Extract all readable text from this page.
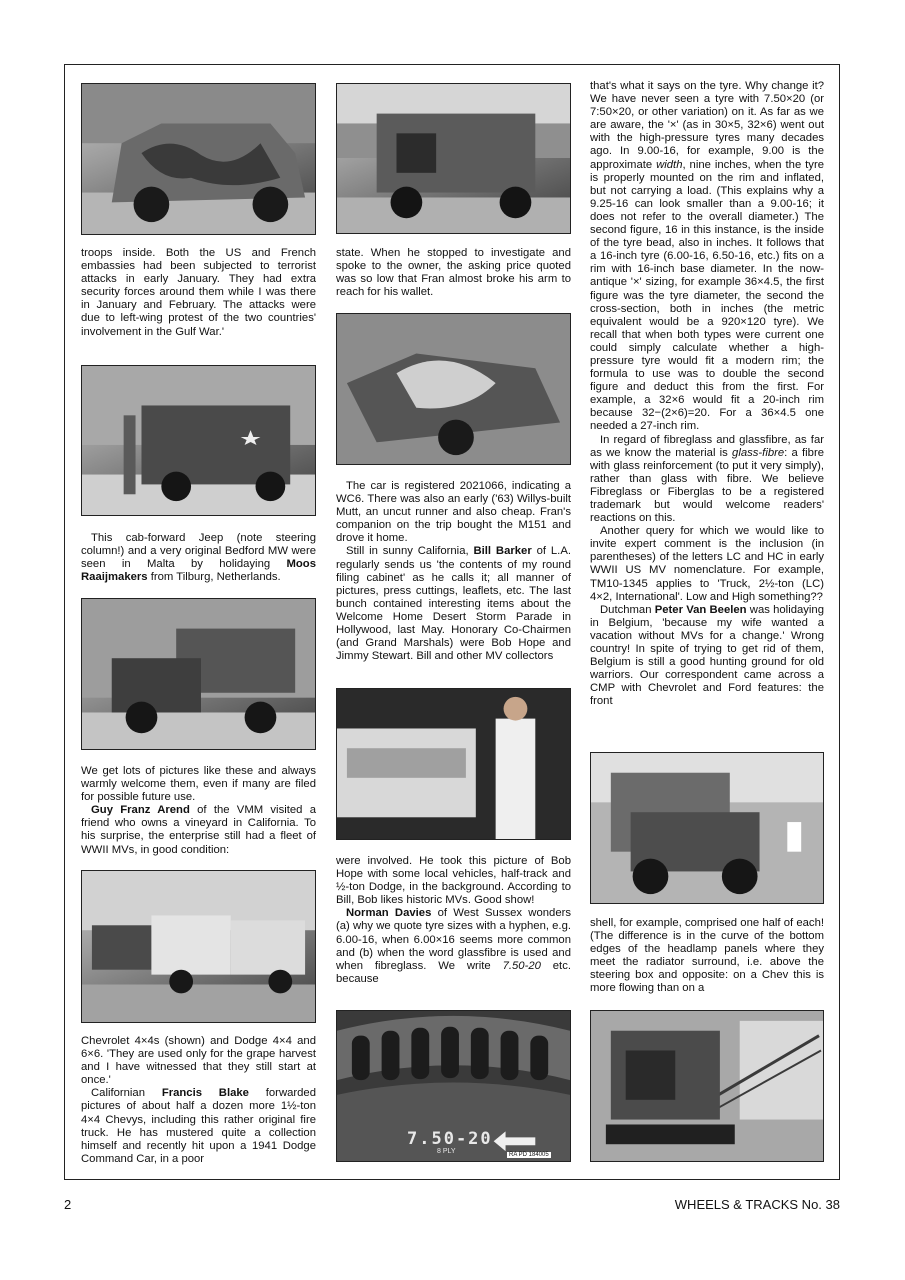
troops inside. Both the US and French embassies had been subjected to terrorist attacks in early January. They had extra security forces around them while I was there in January and February. The attacks were due to left-wing protest of the two countries' involvement in the Gulf War.'

This cab-forward Jeep (note steering column!) and a very original Bedford MW were seen in Malta by holidaying Moos Raaijmakers from Tilburg, Netherlands.

We get lots of pictures like these and always warmly welcome them, even if many are filed for possible future use.

Guy Franz Arend of the VMM visited a friend who owns a vineyard in California. To his surprise, the enterprise still had a fleet of WWII MVs, in good condition:

Chevrolet 4×4s (shown) and Dodge 4×4 and 6×6. 'They are used only for the grape harvest and I have witnessed that they still start at once.'

Californian Francis Blake forwarded pictures of about half a dozen more 1½-ton 4×4 Chevys, including this rather original fire truck. He has mustered quite a collection himself and recently hit upon a 1941 Dodge Command Car, in a poor

state. When he stopped to investigate and spoke to the owner, the asking price quoted was so low that Fran almost broke his arm to reach for his wallet.

The car is registered 2021066, indicating a WC6. There was also an early ('63) Willys-built Mutt, an uncut runner and also cheap. Fran's companion on the trip bought the M151 and drove it home.

Still in sunny California, Bill Barker of L.A. regularly sends us 'the contents of my round filing cabinet' as he calls it; all manner of pictures, press cuttings, leaflets, etc. The last bunch contained interesting items about the Welcome Home Desert Storm Parade in Hollywood, last May. Honorary Co-Chairmen (and Grand Marshals) were Bob Hope and Jimmy Stewart. Bill and other MV collectors

were involved. He took this picture of Bob Hope with some local vehicles, half-track and ½-ton Dodge, in the background. According to Bill, Bob likes historic MVs. Good show!

Norman Davies of West Sussex wonders (a) why we quote tyre sizes with a hyphen, e.g. 6.00-16, when 6.00×16 seems more common and (b) when the word glassfibre is used and when fibreglass. We write 7.50-20 etc. because

7.50-20
8 PLY	RA PD 184005

that's what it says on the tyre. Why change it? We have never seen a tyre with 7.50×20 (or 7:50×20, or other variation) on it. As far as we are aware, the '×' (as in 30×5, 32×6) went out with the high-pressure tyres many decades ago. In 9.00-16, for example, 9.00 is the approximate width, nine inches, when the tyre is properly mounted on the rim and inflated, but not carrying a load. (This explains why a 9.25-16 can look smaller than a 9.00-16; it does not refer to the overall diameter.) The second figure, 16 in this instance, is the inside of the tyre bead, also in inches. It follows that a 16-inch tyre (6.00-16, 6.50-16, etc.) fits on a rim with 16-inch base diameter. In the now-antique '×' sizing, for example 36×4.5, the first figure was the tyre diameter, the second the cross-section, both in inches (the metric equivalent would be a 920×120 tyre). We recall that when both types were current one could simply calculate whether a high-pressure tyre would fit a modern rim; the formula to use was to double the second figure and deduct this from the first. For example, a 32×6 would fit a 20-inch rim because 32−(2×6)=20. For a 36×4.5 one needed a 27-inch rim.

In regard of fibreglass and glassfibre, as far as we know the material is glass-fibre: a fibre with glass reinforcement (to put it very simply), rather than glass with fibre. We believe Fibreglass or Fiberglas to be a registered trademark but would welcome readers' reactions on this.

Another query for which we would like to invite expert comment is the inclusion (in parentheses) of the letters LC and HC in early WWII US MV nomenclature. For example, TM10-1345 applies to 'Truck, 2½-ton (LC) 4×2, International'. Low and High something??

Dutchman Peter Van Beelen was holidaying in Belgium, 'because my wife wanted a vacation without MVs for a change.' Wrong country! In spite of trying to get rid of them, Belgium is still a good hunting ground for old warriors. Our correspondent came across a CMP with Chevrolet and Ford features: the front

shell, for example, comprised one half of each! (The difference is in the curve of the bottom edges of the headlamp panels where they meet the radiator surround, i.e. above the steering box and opposite: on a Chev this is more flowing than on a

2	WHEELS & TRACKS No. 38
